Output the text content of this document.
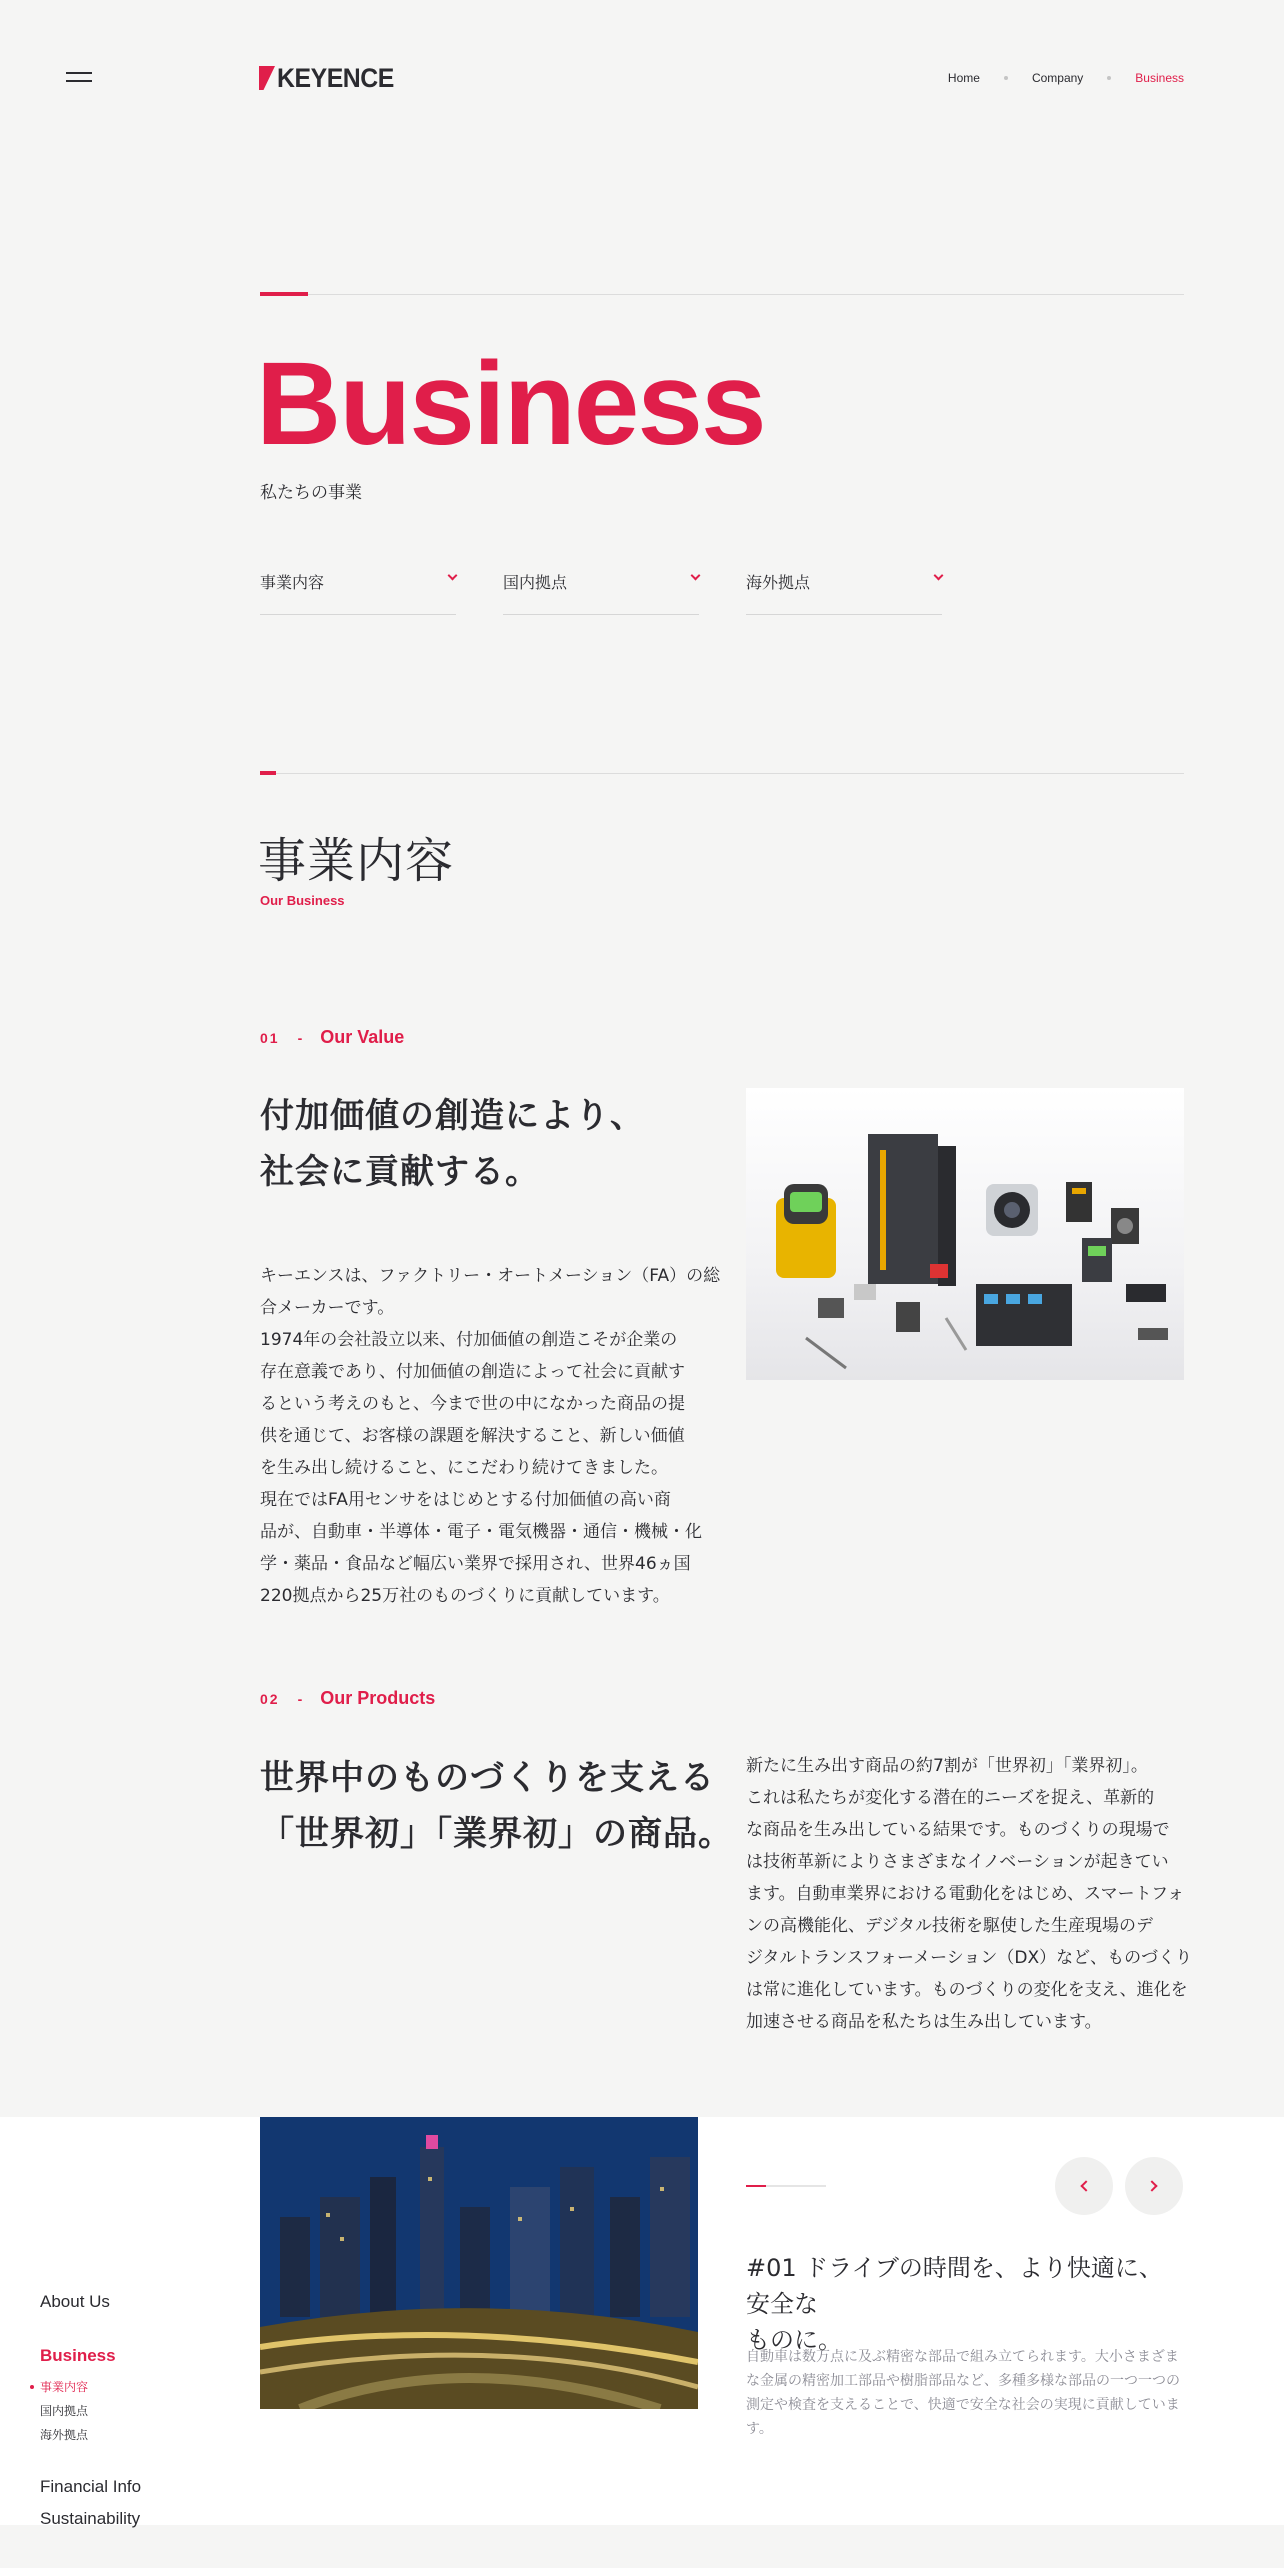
KEYENCE	Home	Company	Business
Business
私たちの事業
事業内容	国内拠点	海外拠点
事業内容
Our Business
01 - Our Value
付加価値の創造により、
社会に貢献する。
キーエンスは、ファクトリー・オートメーション（FA）の総
合メーカーです。
1974年の会社設立以来、付加価値の創造こそが企業の
存在意義であり、付加価値の創造によって社会に貢献す
るという考えのもと、今まで世の中になかった商品の提
供を通じて、お客様の課題を解決すること、新しい価値
を生み出し続けること、にこだわり続けてきました。
現在ではFA用センサをはじめとする付加価値の高い商
品が、自動車・半導体・電子・電気機器・通信・機械・化
学・薬品・食品など幅広い業界で採用され、世界46ヵ国
220拠点から25万社のものづくりに貢献しています。
02 - Our Products
世界中のものづくりを支える
「世界初」「業界初」の商品。
新たに生み出す商品の約7割が「世界初」「業界初」。
これは私たちが変化する潜在的ニーズを捉え、革新的
な商品を生み出している結果です。ものづくりの現場で
は技術革新によりさまざまなイノベーションが起きてい
ます。自動車業界における電動化をはじめ、スマートフォ
ンの高機能化、デジタル技術を駆使した生産現場のデ
ジタルトランスフォーメーション（DX）など、ものづくり
は常に進化しています。ものづくりの変化を支え、進化を
加速させる商品を私たちは生み出しています。
About Us
Business
事業内容
国内拠点
海外拠点
Financial Info
Sustainability
#01 ドライブの時間を、より快適に、安全な
ものに。
自動車は数万点に及ぶ精密な部品で組み立てられます。大小さまざま
な金属の精密加工部品や樹脂部品など、多種多様な部品の一つ一つの
測定や検査を支えることで、快適で安全な社会の実現に貢献していま
す。
